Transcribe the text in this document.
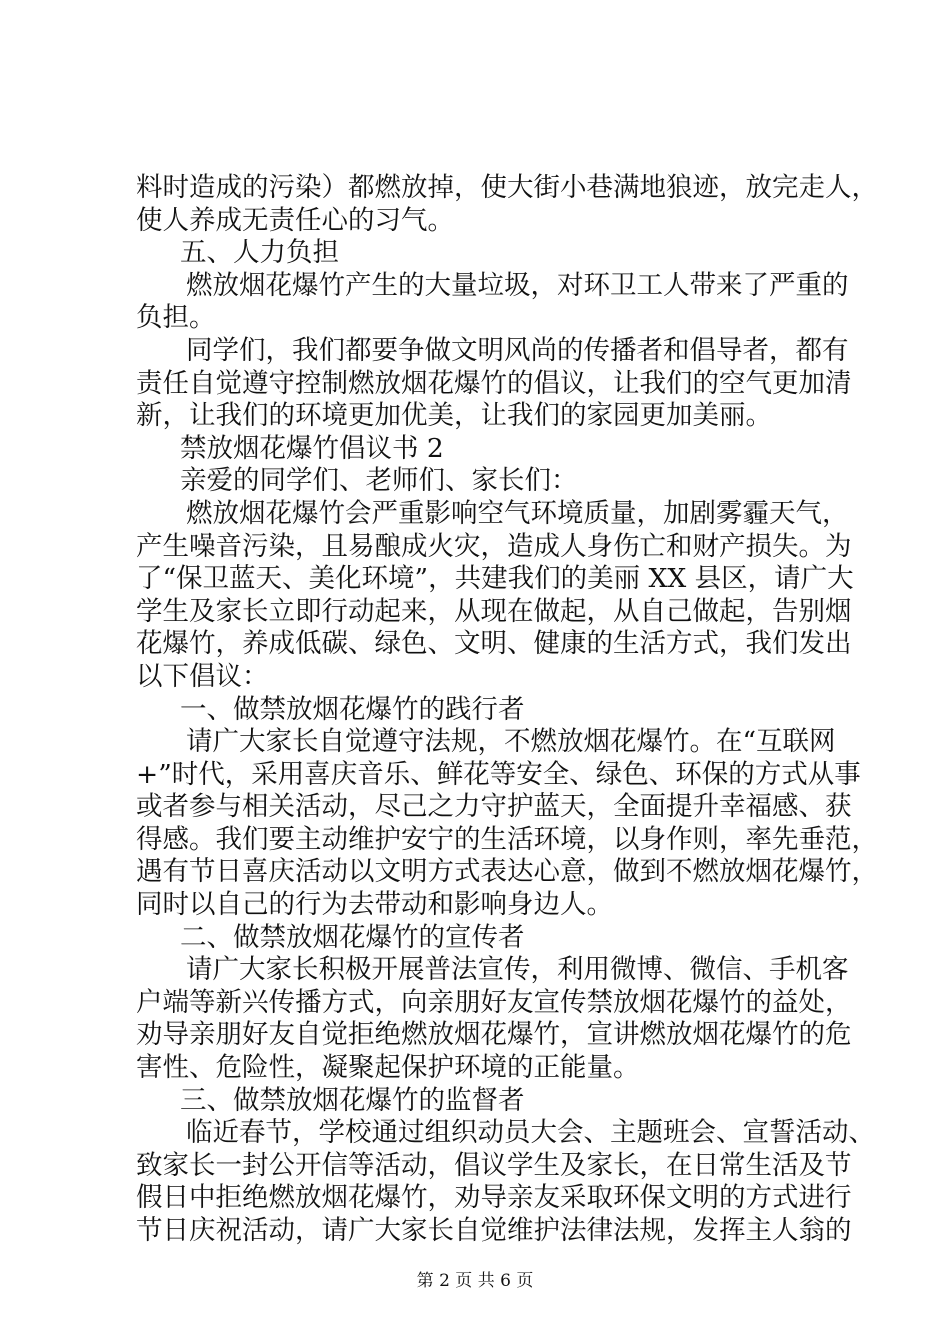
料时造成的污染）都燃放掉，使大街小巷满地狼迹，放完走人，
使人养成无责任心的习气。
五、人力负担
燃放烟花爆竹产生的大量垃圾，对环卫工人带来了严重的
负担。
同学们，我们都要争做文明风尚的传播者和倡导者，都有
责任自觉遵守控制燃放烟花爆竹的倡议，让我们的空气更加清
新，让我们的环境更加优美，让我们的家园更加美丽。
禁放烟花爆竹倡议书 2
亲爱的同学们、老师们、家长们：
燃放烟花爆竹会严重影响空气环境质量，加剧雾霾天气，
产生噪音污染，且易酿成火灾，造成人身伤亡和财产损失。为
了“保卫蓝天、美化环境”，共建我们的美丽 XX 县区，请广大
学生及家长立即行动起来，从现在做起，从自己做起，告别烟
花爆竹，养成低碳、绿色、文明、健康的生活方式，我们发出
以下倡议：
一、做禁放烟花爆竹的践行者
请广大家长自觉遵守法规，不燃放烟花爆竹。在“互联网
+”时代，采用喜庆音乐、鲜花等安全、绿色、环保的方式从事
或者参与相关活动，尽己之力守护蓝天，全面提升幸福感、获
得感。我们要主动维护安宁的生活环境，以身作则，率先垂范，
遇有节日喜庆活动以文明方式表达心意，做到不燃放烟花爆竹，
同时以自己的行为去带动和影响身边人。
二、做禁放烟花爆竹的宣传者
请广大家长积极开展普法宣传，利用微博、微信、手机客
户端等新兴传播方式，向亲朋好友宣传禁放烟花爆竹的益处，
劝导亲朋好友自觉拒绝燃放烟花爆竹，宣讲燃放烟花爆竹的危
害性、危险性，凝聚起保护环境的正能量。
三、做禁放烟花爆竹的监督者
临近春节，学校通过组织动员大会、主题班会、宣誓活动、
致家长一封公开信等活动，倡议学生及家长，在日常生活及节
假日中拒绝燃放烟花爆竹，劝导亲友采取环保文明的方式进行
节日庆祝活动，请广大家长自觉维护法律法规，发挥主人翁的
第 2 页 共 6 页
